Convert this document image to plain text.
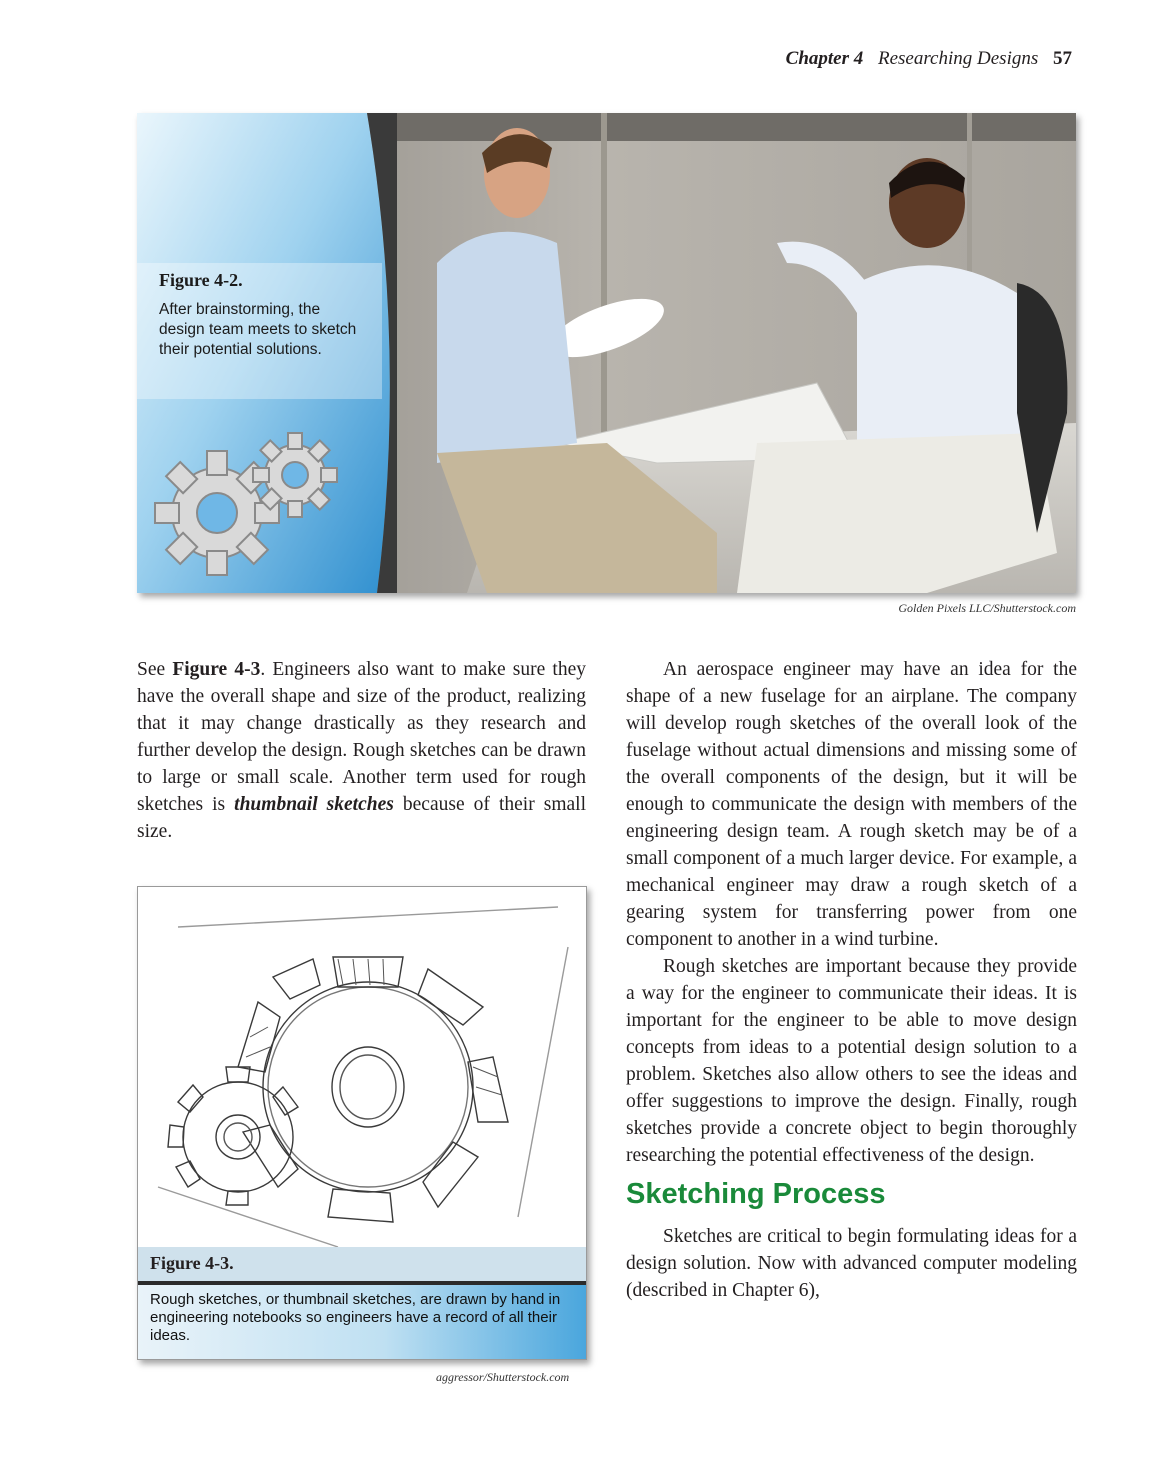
Chapter 4 Researching Designs 57
Figure 4-2.
After brainstorming, the design team meets to sketch their potential solutions.
Golden Pixels LLC/Shutterstock.com

See Figure 4-3. Engineers also want to make sure they have the overall shape and size of the product, realizing that it may change drastically as they research and further develop the design. Rough sketches can be drawn to large or small scale. Another term used for rough sketches is thumbnail sketches because of their small size.

Figure 4-3.
Rough sketches, or thumbnail sketches, are drawn by hand in engineering notebooks so engineers have a record of all their ideas.
aggressor/Shutterstock.com

An aerospace engineer may have an idea for the shape of a new fuselage for an airplane. The company will develop rough sketches of the overall look of the fuselage without actual dimensions and missing some of the overall components of the design, but it will be enough to communicate the design with members of the engineering design team. A rough sketch may be of a small component of a much larger device. For example, a mechanical engineer may draw a rough sketch of a gearing system for transferring power from one component to another in a wind turbine.

Rough sketches are important because they provide a way for the engineer to communicate their ideas. It is important for the engineer to be able to move design concepts from ideas to a potential design solution to a problem. Sketches also allow others to see the ideas and offer suggestions to improve the design. Finally, rough sketches provide a concrete object to begin thoroughly researching the potential effectiveness of the design.

Sketching Process

Sketches are critical to begin formulating ideas for a design solution. Now with advanced computer modeling (described in Chapter 6),
